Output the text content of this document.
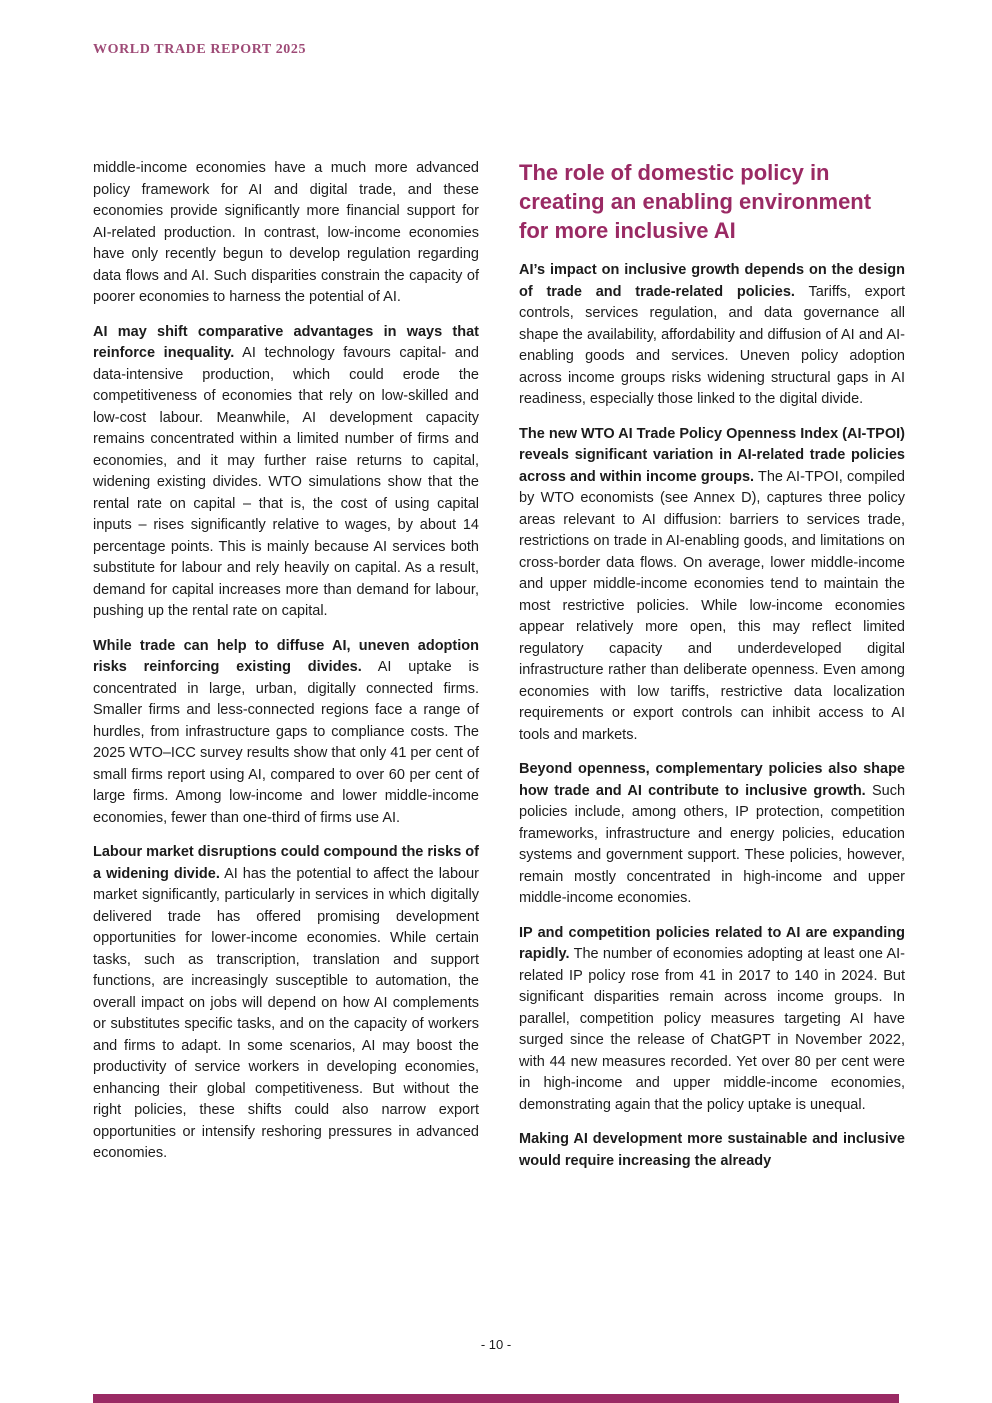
WORLD TRADE REPORT 2025

middle-income economies have a much more advanced policy framework for AI and digital trade, and these economies provide significantly more financial support for AI-related production. In contrast, low-income economies have only recently begun to develop regulation regarding data flows and AI. Such disparities constrain the capacity of poorer economies to harness the potential of AI.

AI may shift comparative advantages in ways that reinforce inequality. AI technology favours capital- and data-intensive production, which could erode the competitiveness of economies that rely on low-skilled and low-cost labour. Meanwhile, AI development capacity remains concentrated within a limited number of firms and economies, and it may further raise returns to capital, widening existing divides. WTO simulations show that the rental rate on capital – that is, the cost of using capital inputs – rises significantly relative to wages, by about 14 percentage points. This is mainly because AI services both substitute for labour and rely heavily on capital. As a result, demand for capital increases more than demand for labour, pushing up the rental rate on capital.

While trade can help to diffuse AI, uneven adoption risks reinforcing existing divides. AI uptake is concentrated in large, urban, digitally connected firms. Smaller firms and less-connected regions face a range of hurdles, from infrastructure gaps to compliance costs. The 2025 WTO–ICC survey results show that only 41 per cent of small firms report using AI, compared to over 60 per cent of large firms. Among low-income and lower middle-income economies, fewer than one-third of firms use AI.

Labour market disruptions could compound the risks of a widening divide. AI has the potential to affect the labour market significantly, particularly in services in which digitally delivered trade has offered promising development opportunities for lower-income economies. While certain tasks, such as transcription, translation and support functions, are increasingly susceptible to automation, the overall impact on jobs will depend on how AI complements or substitutes specific tasks, and on the capacity of workers and firms to adapt. In some scenarios, AI may boost the productivity of service workers in developing economies, enhancing their global competitiveness. But without the right policies, these shifts could also narrow export opportunities or intensify reshoring pressures in advanced economies.

The role of domestic policy in creating an enabling environment for more inclusive AI

AI’s impact on inclusive growth depends on the design of trade and trade-related policies. Tariffs, export controls, services regulation, and data governance all shape the availability, affordability and diffusion of AI and AI-enabling goods and services. Uneven policy adoption across income groups risks widening structural gaps in AI readiness, especially those linked to the digital divide.

The new WTO AI Trade Policy Openness Index (AI-TPOI) reveals significant variation in AI-related trade policies across and within income groups. The AI-TPOI, compiled by WTO economists (see Annex D), captures three policy areas relevant to AI diffusion: barriers to services trade, restrictions on trade in AI-enabling goods, and limitations on cross-border data flows. On average, lower middle-income and upper middle-income economies tend to maintain the most restrictive policies. While low-income economies appear relatively more open, this may reflect limited regulatory capacity and underdeveloped digital infrastructure rather than deliberate openness. Even among economies with low tariffs, restrictive data localization requirements or export controls can inhibit access to AI tools and markets.

Beyond openness, complementary policies also shape how trade and AI contribute to inclusive growth. Such policies include, among others, IP protection, competition frameworks, infrastructure and energy policies, education systems and government support. These policies, however, remain mostly concentrated in high-income and upper middle-income economies.

IP and competition policies related to AI are expanding rapidly. The number of economies adopting at least one AI-related IP policy rose from 41 in 2017 to 140 in 2024. But significant disparities remain across income groups. In parallel, competition policy measures targeting AI have surged since the release of ChatGPT in November 2022, with 44 new measures recorded. Yet over 80 per cent were in high-income and upper middle-income economies, demonstrating again that the policy uptake is unequal.

Making AI development more sustainable and inclusive would require increasing the already

- 10 -
